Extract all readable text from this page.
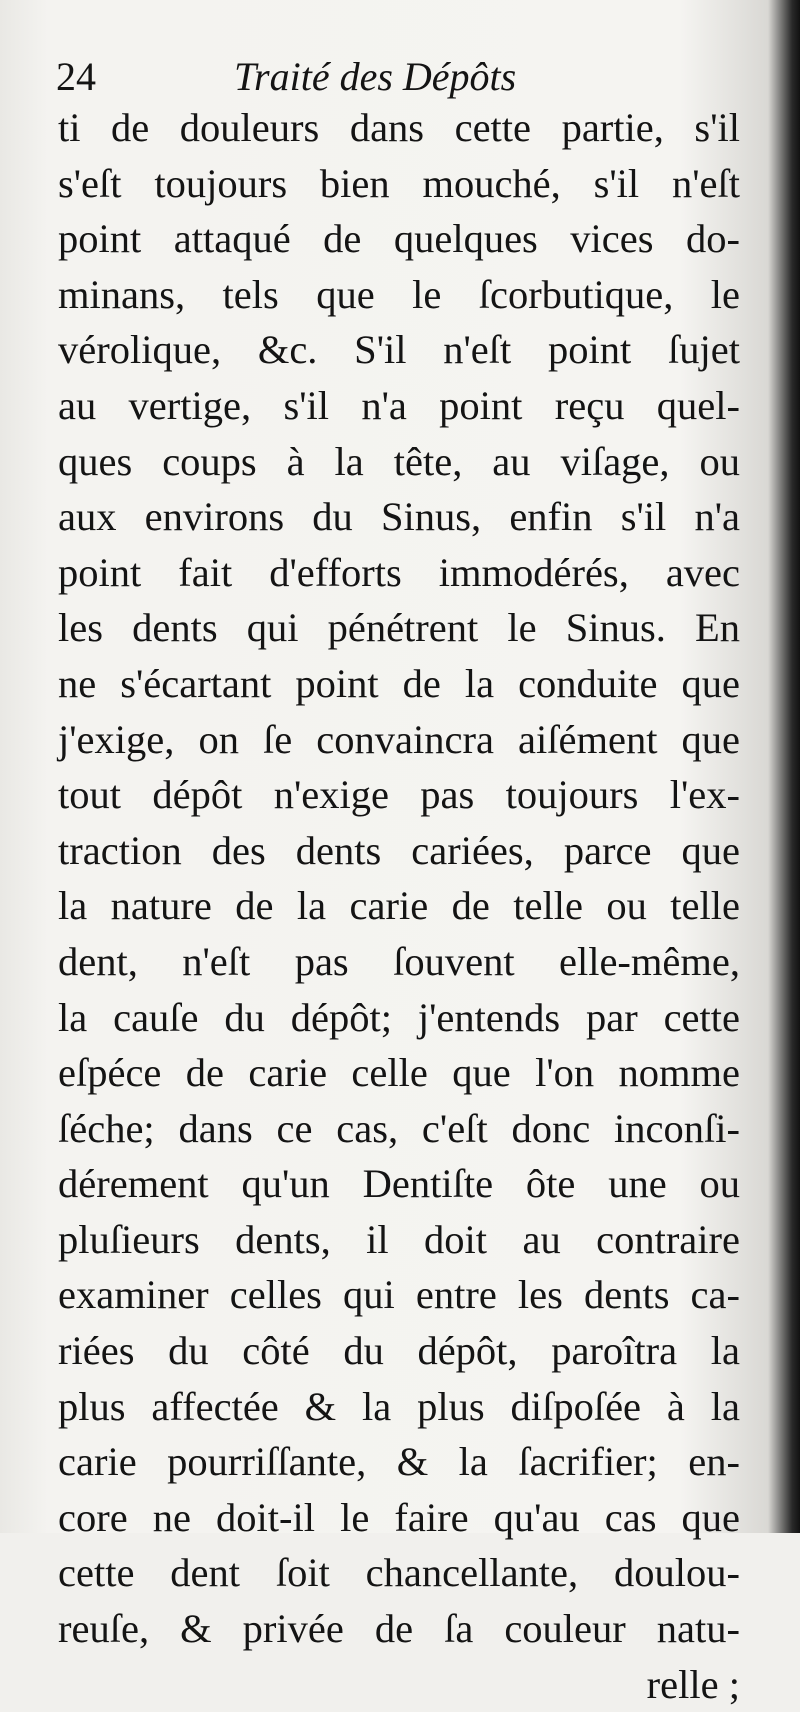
24	Traité des Dépôts
ti de douleurs dans cette partie, s'il
s'eſt toujours bien mouché, s'il n'eſt
point attaqué de quelques vices do-
minans, tels que le ſcorbutique, le
vérolique, &c. S'il n'eſt point ſujet
au vertige, s'il n'a point reçu quel-
ques coups à la tête, au viſage, ou
aux environs du Sinus, enfin s'il n'a
point fait d'efforts immodérés, avec
les dents qui pénétrent le Sinus. En
ne s'écartant point de la conduite que
j'exige, on ſe convaincra aiſément que
tout dépôt n'exige pas toujours l'ex-
traction des dents cariées, parce que
la nature de la carie de telle ou telle
dent, n'eſt pas ſouvent elle-même,
la cauſe du dépôt; j'entends par cette
eſpéce de carie celle que l'on nomme
ſéche; dans ce cas, c'eſt donc inconſi-
dérement qu'un Dentiſte ôte une ou
pluſieurs dents, il doit au contraire
examiner celles qui entre les dents ca-
riées du côté du dépôt, paroîtra la
plus affectée & la plus diſpoſée à la
carie pourriſſante, & la ſacrifier; en-
core ne doit-il le faire qu'au cas que
cette dent ſoit chancellante, doulou-
reuſe, & privée de ſa couleur natu-
relle ;
